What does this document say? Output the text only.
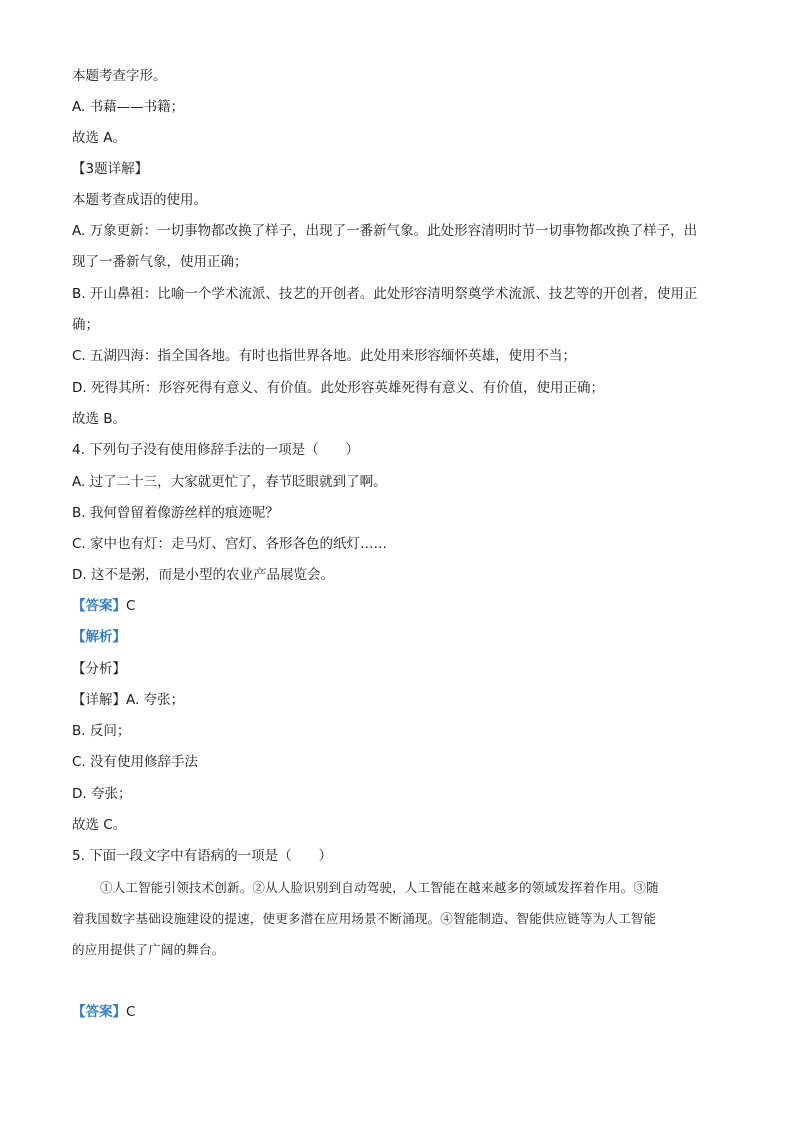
本题考查字形。
A. 书藉——书籍；
故选 A。
【3题详解】
本题考查成语的使用。
A. 万象更新：一切事物都改换了样子，出现了一番新气象。此处形容清明时节一切事物都改换了样子，出
现了一番新气象，使用正确；
B. 开山鼻祖：比喻一个学术流派、技艺的开创者。此处形容清明祭奠学术流派、技艺等的开创者，使用正
确；
C. 五湖四海：指全国各地。有时也指世界各地。此处用来形容缅怀英雄，使用不当；
D. 死得其所：形容死得有意义、有价值。此处形容英雄死得有意义、有价值，使用正确；
故选 B。
4. 下列句子没有使用修辞手法的一项是（　　）
A. 过了二十三，大家就更忙了，春节眨眼就到了啊。
B. 我何曾留着像游丝样的痕迹呢？
C. 家中也有灯：走马灯、宫灯、各形各色的纸灯……
D. 这不是粥，而是小型的农业产品展览会。
【答案】C
【解析】
【分析】
【详解】A. 夸张；
B. 反问；
C. 没有使用修辞手法
D. 夸张；
故选 C。
5. 下面一段文字中有语病的一项是（　　）
①人工智能引领技术创新。②从人脸识别到自动驾驶，人工智能在越来越多的领域发挥着作用。③随
着我国数字基础设施建设的提速，使更多潜在应用场景不断涌现。④智能制造、智能供应链等为人工智能
的应用提供了广阔的舞台。
【答案】C
